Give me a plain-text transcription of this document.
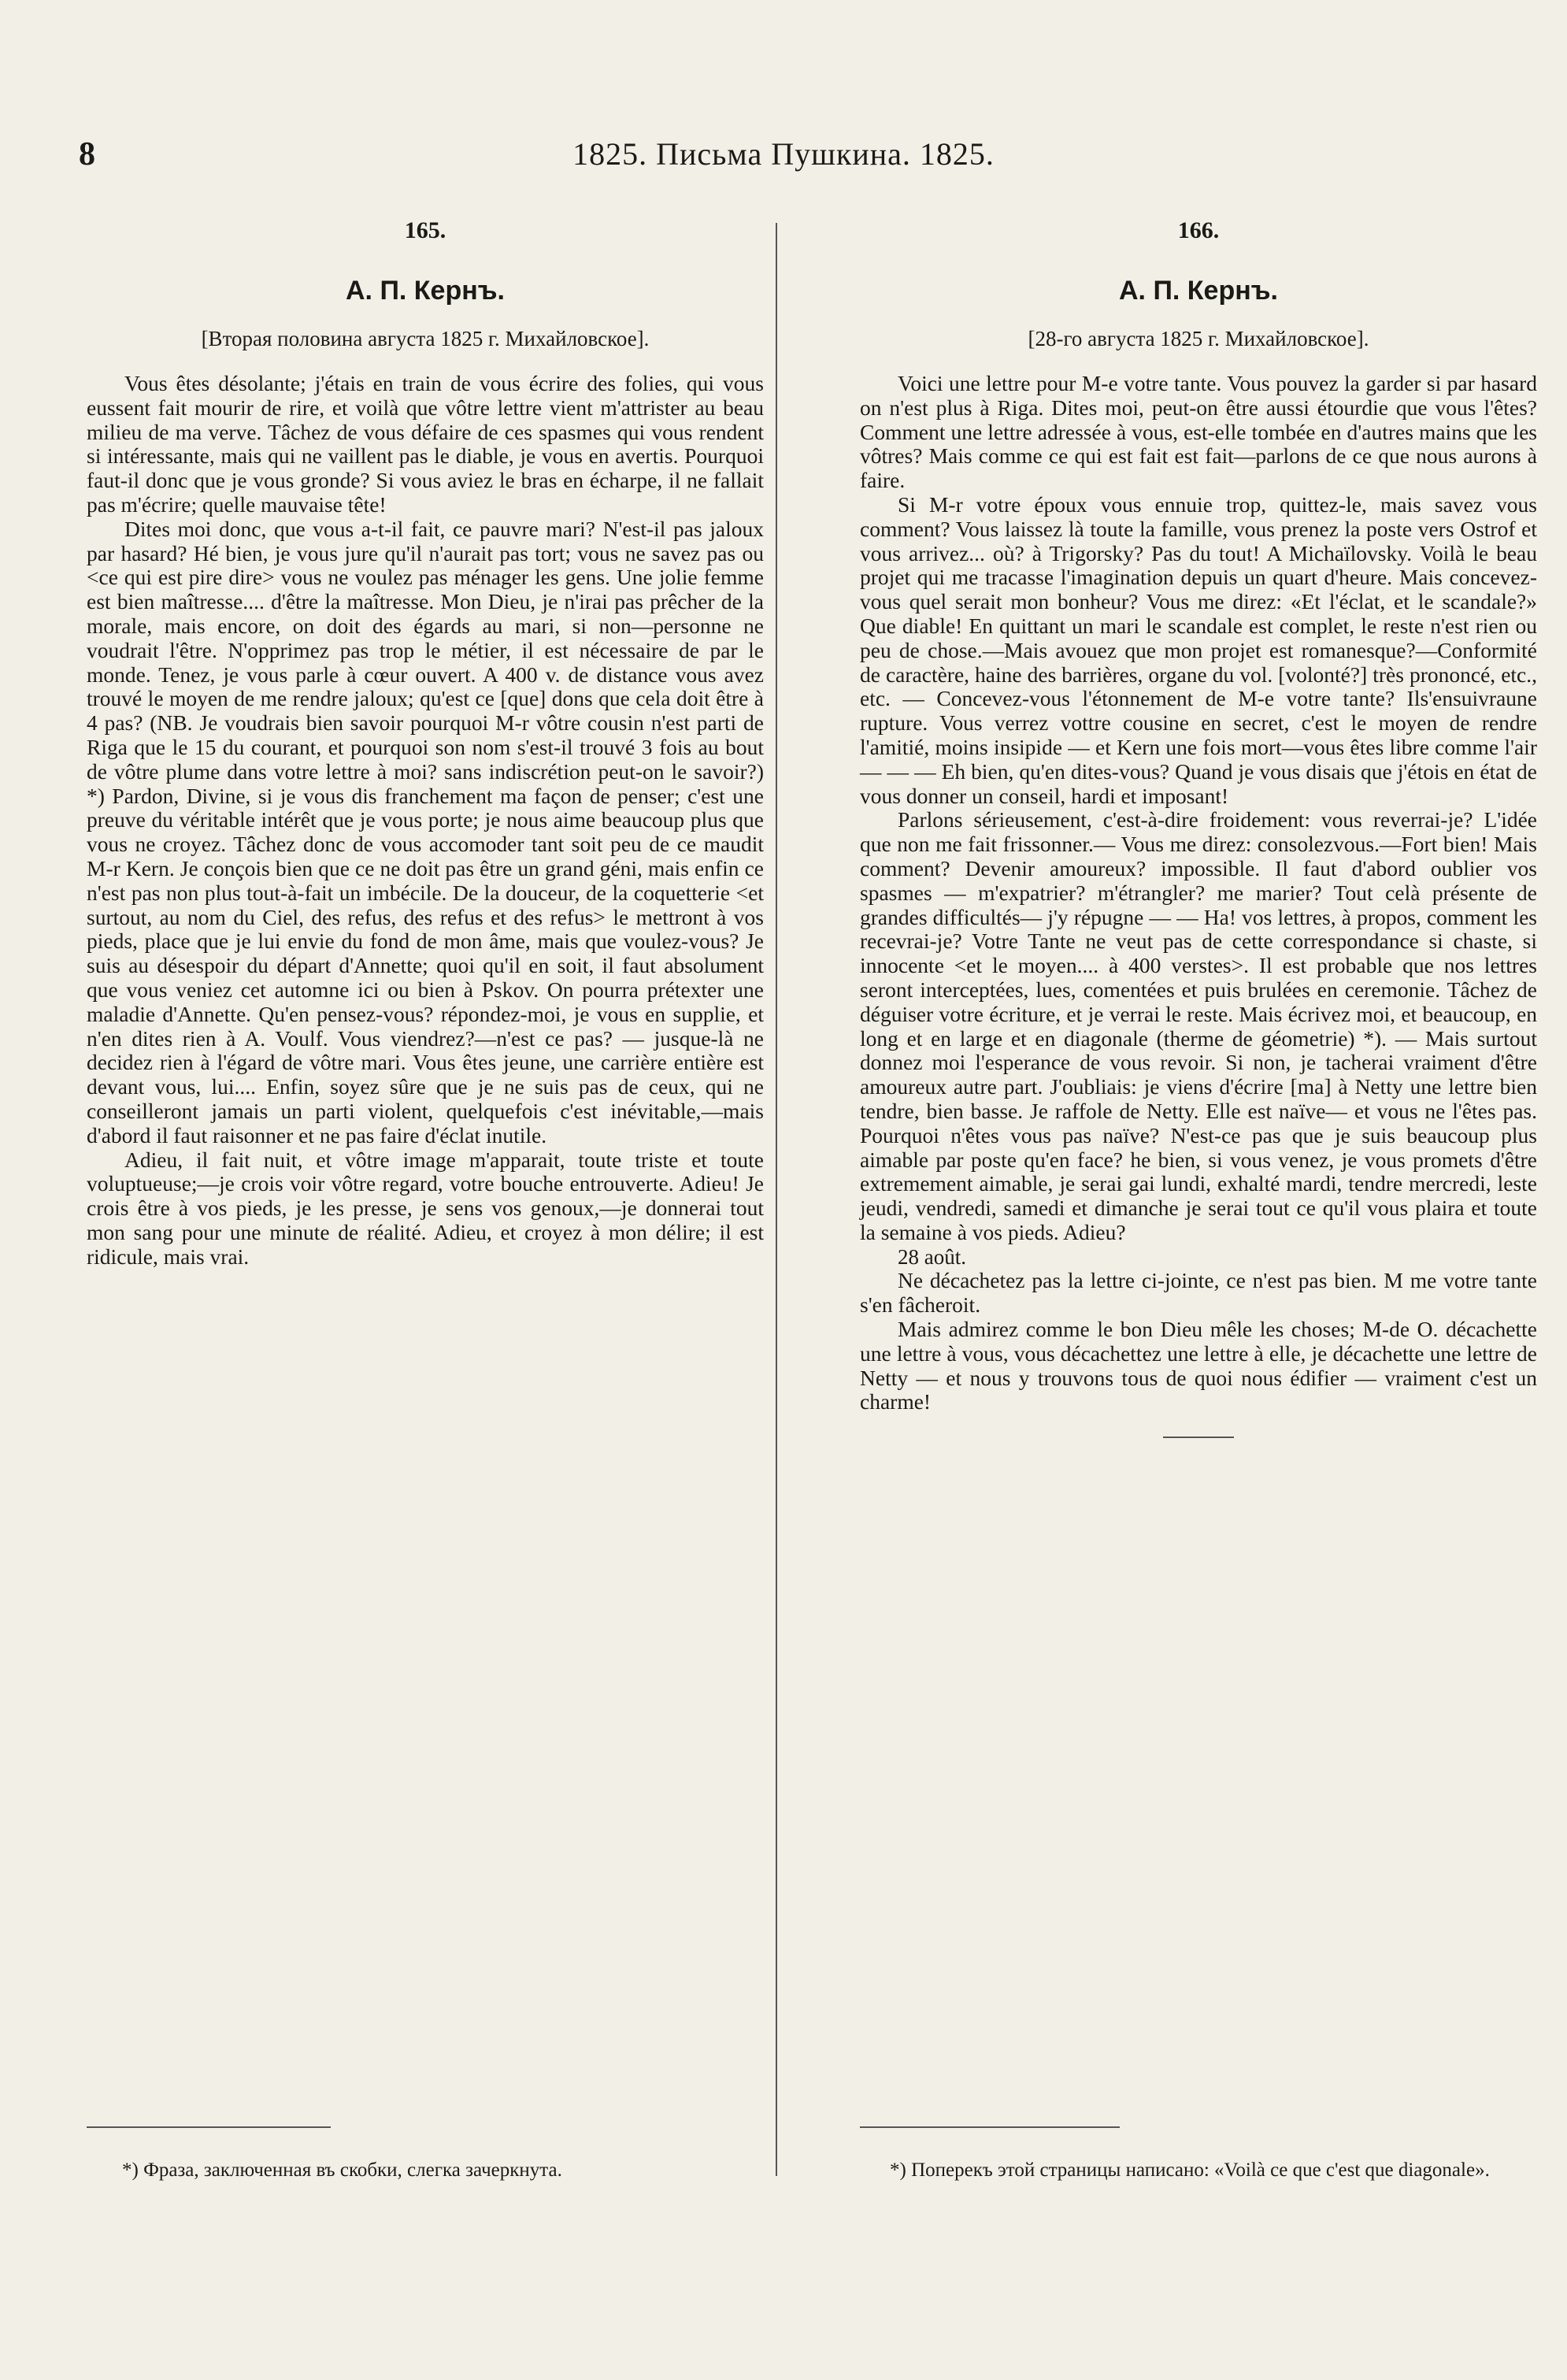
8	1825. Письма Пушкина. 1825.
165.
А. П. Кернъ.
[Вторая половина августа 1825 г. Михайловское].

Vous êtes désolante; j'étais en train de vous écrire des folies, qui vous eussent fait mourir de rire, et voilà que vôtre lettre vient m'attrister au beau milieu de ma verve. Tâchez de vous défaire de ces spasmes qui vous rendent si intéressante, mais qui ne vaillent pas le diable, je vous en avertis. Pourquoi faut-il donc que je vous gronde? Si vous aviez le bras en écharpe, il ne fallait pas m'écrire; quelle mauvaise tête!

Dites moi donc, que vous a-t-il fait, ce pauvre mari? N'est-il pas jaloux par hasard? Hé bien, je vous jure qu'il n'aurait pas tort; vous ne savez pas ou <ce qui est pire dire> vous ne voulez pas ménager les gens. Une jolie femme est bien maîtresse.... d'être la maîtresse. Mon Dieu, je n'irai pas prêcher de la morale, mais encore, on doit des égards au mari, si non—personne ne voudrait l'être. N'opprimez pas trop le métier, il est nécessaire de par le monde. Tenez, je vous parle à cœur ouvert. A 400 v. de distance vous avez trouvé le moyen de me rendre jaloux; qu'est ce [que] dons que cela doit être à 4 pas? (NB. Je voudrais bien savoir pourquoi M-r vôtre cousin n'est parti de Riga que le 15 du courant, et pourquoi son nom s'est-il trouvé 3 fois au bout de vôtre plume dans votre lettre à moi? sans indiscrétion peut-on le savoir?) *) Pardon, Divine, si je vous dis franchement ma façon de penser; c'est une preuve du véritable intérêt que je vous porte; je nous aime beaucoup plus que vous ne croyez. Tâchez donc de vous accomoder tant soit peu de ce maudit M-r Kern. Je conçois bien que ce ne doit pas être un grand géni, mais enfin ce n'est pas non plus tout-à-fait un imbécile. De la douceur, de la coquetterie <et surtout, au nom du Ciel, des refus, des refus et des refus> le mettront à vos pieds, place que je lui envie du fond de mon âme, mais que voulez-vous? Je suis au désespoir du départ d'Annette; quoi qu'il en soit, il faut absolument que vous veniez cet automne ici ou bien à Pskov. On pourra prétexter une maladie d'Annette. Qu'en pensez-vous? répondez-moi, je vous en supplie, et n'en dites rien à A. Voulf. Vous viendrez?—n'est ce pas? — jusque-là ne decidez rien à l'égard de vôtre mari. Vous êtes jeune, une carrière entière est devant vous, lui.... Enfin, soyez sûre que je ne suis pas de ceux, qui ne conseilleront jamais un parti violent, quelquefois c'est inévitable,—mais d'abord il faut raisonner et ne pas faire d'éclat inutile.

Adieu, il fait nuit, et vôtre image m'apparait, toute triste et toute voluptueuse;—je crois voir vôtre regard, votre bouche entrouverte. Adieu! Je crois être à vos pieds, je les presse, je sens vos genoux,—je donnerai tout mon sang pour une minute de réalité. Adieu, et croyez à mon délire; il est ridicule, mais vrai.

166.
А. П. Кернъ.
[28-го августа 1825 г. Михайловское].

Voici une lettre pour M-e votre tante. Vous pouvez la garder si par hasard on n'est plus à Riga. Dites moi, peut-on être aussi étourdie que vous l'êtes? Comment une lettre adressée à vous, est-elle tombée en d'autres mains que les vôtres? Mais comme ce qui est fait est fait—parlons de ce que nous aurons à faire.

Si M-r votre époux vous ennuie trop, quittez-le, mais savez vous comment? Vous laissez là toute la famille, vous prenez la poste vers Ostrof et vous arrivez... où? à Trigorsky? Pas du tout! A Michaïlovsky. Voilà le beau projet qui me tracasse l'imagination depuis un quart d'heure. Mais concevez-vous quel serait mon bonheur? Vous me direz: «Et l'éclat, et le scandale?» Que diable! En quittant un mari le scandale est complet, le reste n'est rien ou peu de chose.—Mais avouez que mon projet est romanesque?—Conformité de caractère, haine des barrières, organe du vol. [volonté?] très prononcé, etc., etc. — Concevez-vous l'étonnement de M-e votre tante? Ils'ensuivraune rupture. Vous verrez vottre cousine en secret, c'est le moyen de rendre l'amitié, moins insipide — et Kern une fois mort—vous êtes libre comme l'air — — — Eh bien, qu'en dites-vous? Quand je vous disais que j'étois en état de vous donner un conseil, hardi et imposant!

Parlons sérieusement, c'est-à-dire froidement: vous reverrai-je? L'idée que non me fait frissonner.— Vous me direz: consolezvous.—Fort bien! Mais comment? Devenir amoureux? impossible. Il faut d'abord oublier vos spasmes — m'expatrier? m'étrangler? me marier? Tout celà présente de grandes difficultés— j'y répugne — — Ha! vos lettres, à propos, comment les recevrai-je? Votre Tante ne veut pas de cette correspondance si chaste, si innocente <et le moyen.... à 400 verstes>. Il est probable que nos lettres seront interceptées, lues, comentées et puis brulées en ceremonie. Tâchez de déguiser votre écriture, et je verrai le reste. Mais écrivez moi, et beaucoup, en long et en large et en diagonale (therme de géometrie) *). — Mais surtout donnez moi l'esperance de vous revoir. Si non, je tacherai vraiment d'être amoureux autre part. J'oubliais: je viens d'écrire [ma] à Netty une lettre bien tendre, bien basse. Je raffole de Netty. Elle est naïve— et vous ne l'êtes pas. Pourquoi n'êtes vous pas naïve? N'est-ce pas que je suis beaucoup plus aimable par poste qu'en face? he bien, si vous venez, je vous promets d'être extremement aimable, je serai gai lundi, exhalté mardi, tendre mercredi, leste jeudi, vendredi, samedi et dimanche je serai tout ce qu'il vous plaira et toute la semaine à vos pieds. Adieu?

28 août.

Ne décachetez pas la lettre ci-jointe, ce n'est pas bien. M me votre tante s'en fâcheroit.

Mais admirez comme le bon Dieu mêle les choses; M-de O. décachette une lettre à vous, vous décachettez une lettre à elle, je décachette une lettre de Netty — et nous y trouvons tous de quoi nous édifier — vraiment c'est un charme!

*) Фраза, заключенная въ скобки, слегка зачеркнута.	*) Поперекъ этой страницы написано: «Voilà ce que c'est que diagonale».
